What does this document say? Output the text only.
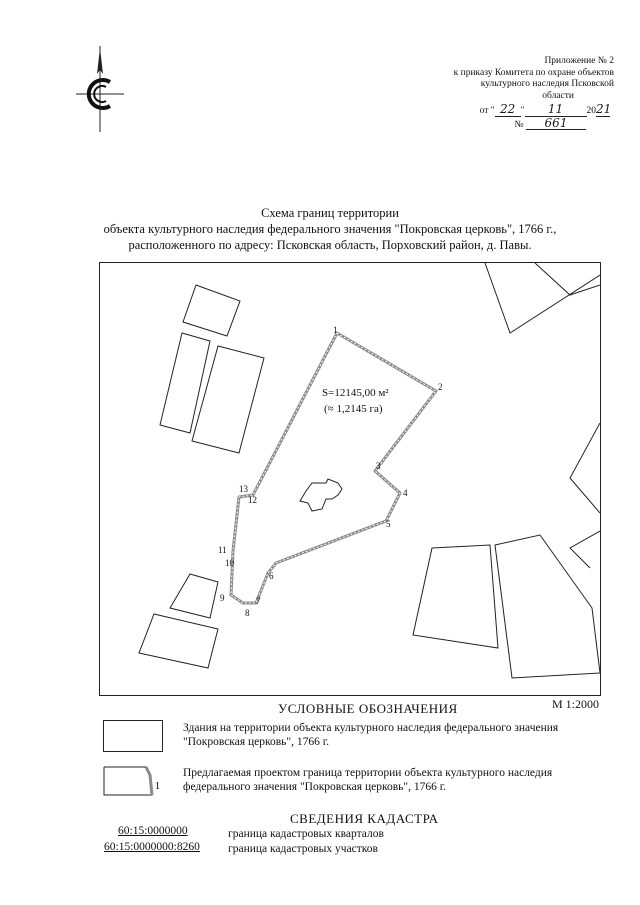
Приложение № 2
к приказу Комитета по охране объектов
культурного наследия Псковской
области
от " 22 " 11 2021
№ 661
Схема границ территории
объекта культурного наследия федерального значения "Покровская церковь", 1766 г.,
расположенного по адресу: Псковская область, Порховский район, д. Павы.
1
2
3
4
5
6
7
8
9
10
11
12
13
S=12145,00 м²
(≈ 1,2145 га)
УСЛОВНЫЕ ОБОЗНАЧЕНИЯ	М 1:2000
Здания на территории объекта культурного наследия федерального значения
"Покровская церковь", 1766 г.
1
Предлагаемая проектом граница территории объекта культурного наследия
федерального значения "Покровская церковь", 1766 г.
СВЕДЕНИЯ КАДАСТРА
60:15:0000000	граница кадастровых кварталов
60:15:0000000:8260 граница кадастровых участков
